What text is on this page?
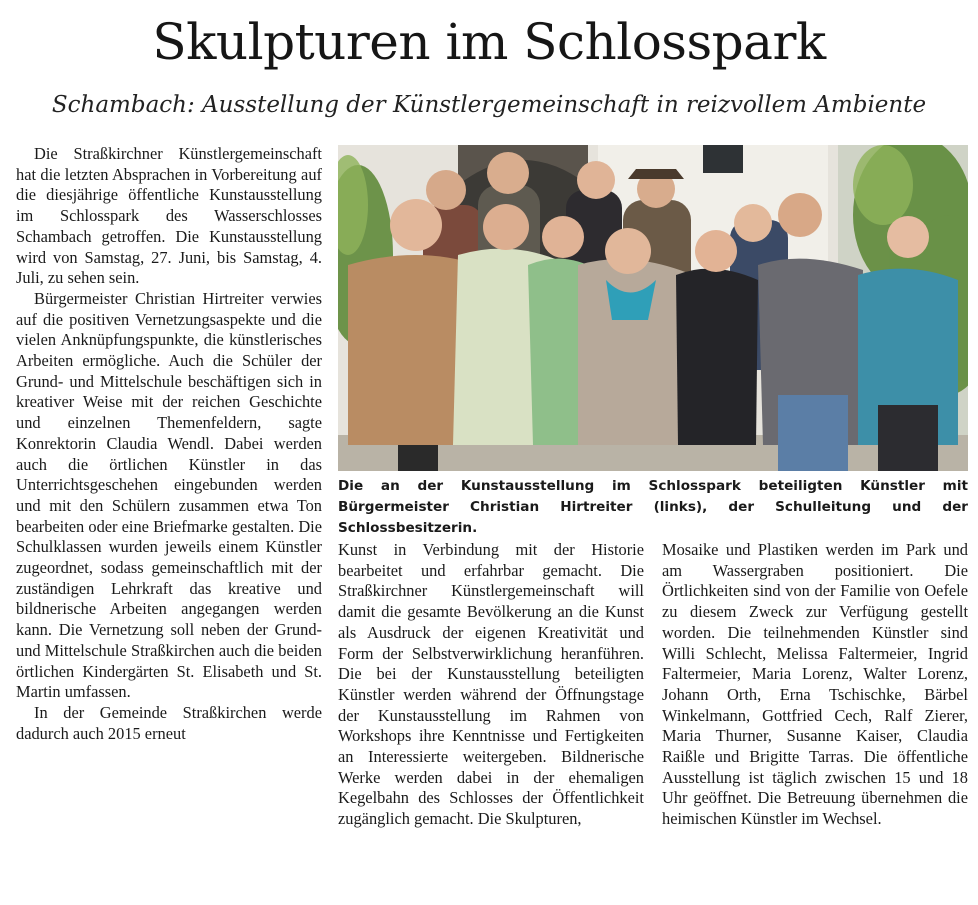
Skulpturen im Schlosspark
Schambach: Ausstellung der Künstlergemeinschaft in reizvollem Ambiente

Die Straßkirchner Künstlergemeinschaft hat die letzten Absprachen in Vorbereitung auf die diesjährige öffentliche Kunstausstellung im Schlosspark des Wasserschlosses Schambach getroffen. Die Kunstausstellung wird von Samstag, 27. Juni, bis Samstag, 4. Juli, zu sehen sein.

Bürgermeister Christian Hirtreiter verwies auf die positiven Vernetzungsaspekte und die vielen Anknüpfungspunkte, die künstlerisches Arbeiten ermögliche. Auch die Schüler der Grund- und Mittelschule beschäftigen sich in kreativer Weise mit der reichen Geschichte und einzelnen Themenfeldern, sagte Konrektorin Claudia Wendl. Dabei werden auch die örtlichen Künstler in das Unterrichtsgeschehen eingebunden werden und mit den Schülern zusammen etwa Ton bearbeiten oder eine Briefmarke gestalten. Die Schulklassen wurden jeweils einem Künstler zugeordnet, sodass gemeinschaftlich mit der zuständigen Lehrkraft das kreative und bildnerische Arbeiten angegangen werden kann. Die Vernetzung soll neben der Grund- und Mittelschule Straßkirchen auch die beiden örtlichen Kindergärten St. Elisabeth und St. Martin umfassen.

In der Gemeinde Straßkirchen werde dadurch auch 2015 erneut

Die an der Kunstausstellung im Schlosspark beteiligten Künstler mit Bürgermeister Christian Hirtreiter (links), der Schulleitung und der Schlossbesitzerin.

Kunst in Verbindung mit der Historie bearbeitet und erfahrbar gemacht. Die Straßkirchner Künstlergemeinschaft will damit die gesamte Bevölkerung an die Kunst als Ausdruck der eigenen Kreativität und Form der Selbstverwirklichung heranführen. Die bei der Kunstausstellung beteiligten Künstler werden während der Öffnungstage der Kunstausstellung im Rahmen von Workshops ihre Kenntnisse und Fertigkeiten an Interessierte weitergeben. Bildnerische Werke werden dabei in der ehemaligen Kegelbahn des Schlosses der Öffentlichkeit zugänglich gemacht. Die Skulpturen,

Mosaike und Plastiken werden im Park und am Wassergraben positioniert. Die Örtlichkeiten sind von der Familie von Oefele zu diesem Zweck zur Verfügung gestellt worden. Die teilnehmenden Künstler sind Willi Schlecht, Melissa Faltermeier, Ingrid Faltermeier, Maria Lorenz, Walter Lorenz, Johann Orth, Erna Tschischke, Bärbel Winkelmann, Gottfried Cech, Ralf Zierer, Maria Thurner, Susanne Kaiser, Claudia Raißle und Brigitte Tarras. Die öffentliche Ausstellung ist täglich zwischen 15 und 18 Uhr geöffnet. Die Betreuung übernehmen die heimischen Künstler im Wechsel.
